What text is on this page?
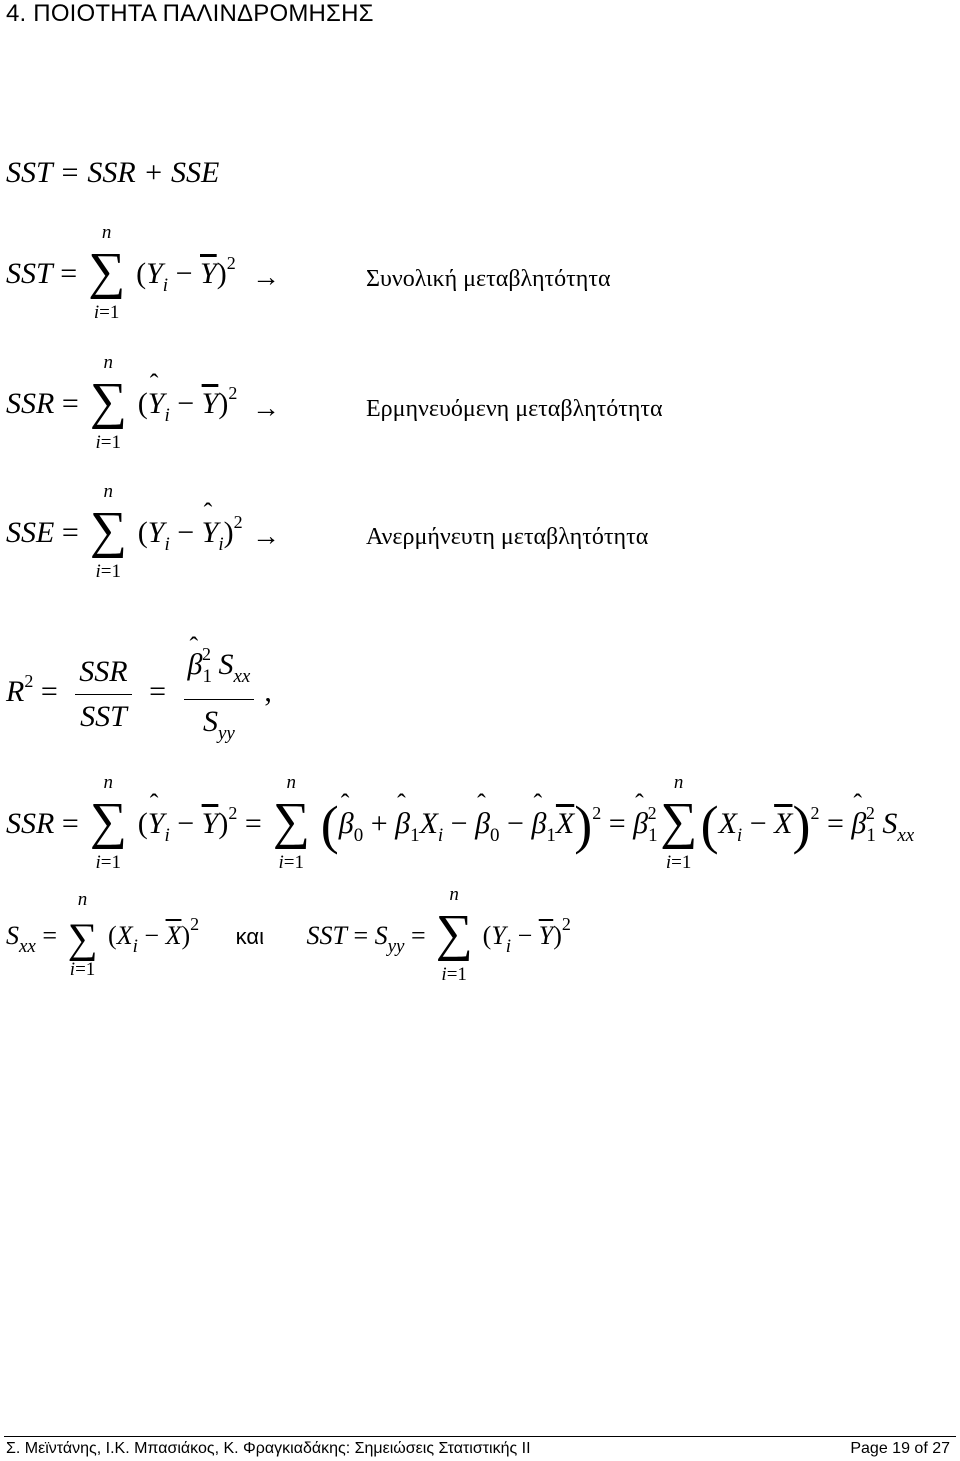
4. ΠΟΙΟΤΗΤΑ ΠΑΛΙΝΔΡΟΜΗΣΗΣ
SST = SSR + SSE
SST =
n
∑
i=1
$(Y_i - \overline{Y})^2$ →	Συνολική μεταβλητότητα
SSR =
n
∑
i=1
(ˆ $Y_i - \overline{Y})^2$
→	Ερμηνευόμενη μεταβλητότητα
SSE =
n
∑
i=1
($Y_i$ − ˆ $Y_i)^2$ →	Ανερμήνευτη μεταβλητότητα
$R^2 = \frac{\text{SSR}}{\text{SST}}$ = ˆ $\frac{\beta_1^2 S_{xx}}{S_{yy}}$ ,
SSR =
n
∑
i=1
(ˆ $Y_i - \overline{Y})^2$ =
n
∑
i=1
(ˆ $\beta_0$ + ˆ $\beta_1X_i$ − ˆ $\beta_0$ − ˆ $\beta_1\overline{X})^2$ = ˆ $\beta_1^2$
n
∑
i=1
$(X_i - \overline{X})^2$ = ˆ $\beta_1^2$ $S_{xx}$
$S_{xx}$ =
n
∑
i=1
$(X_i - \overline{X})^2$ και SST = $S_{yy}$ =
n
∑
i=1
$(Y_i - \overline{Y})^2$
Σ. Μεϊντάνης, Ι.Κ. Μπασιάκος, Κ. Φραγκιαδάκης: Σημειώσεις Στατιστικής ΙΙ	Page 19 of 27
